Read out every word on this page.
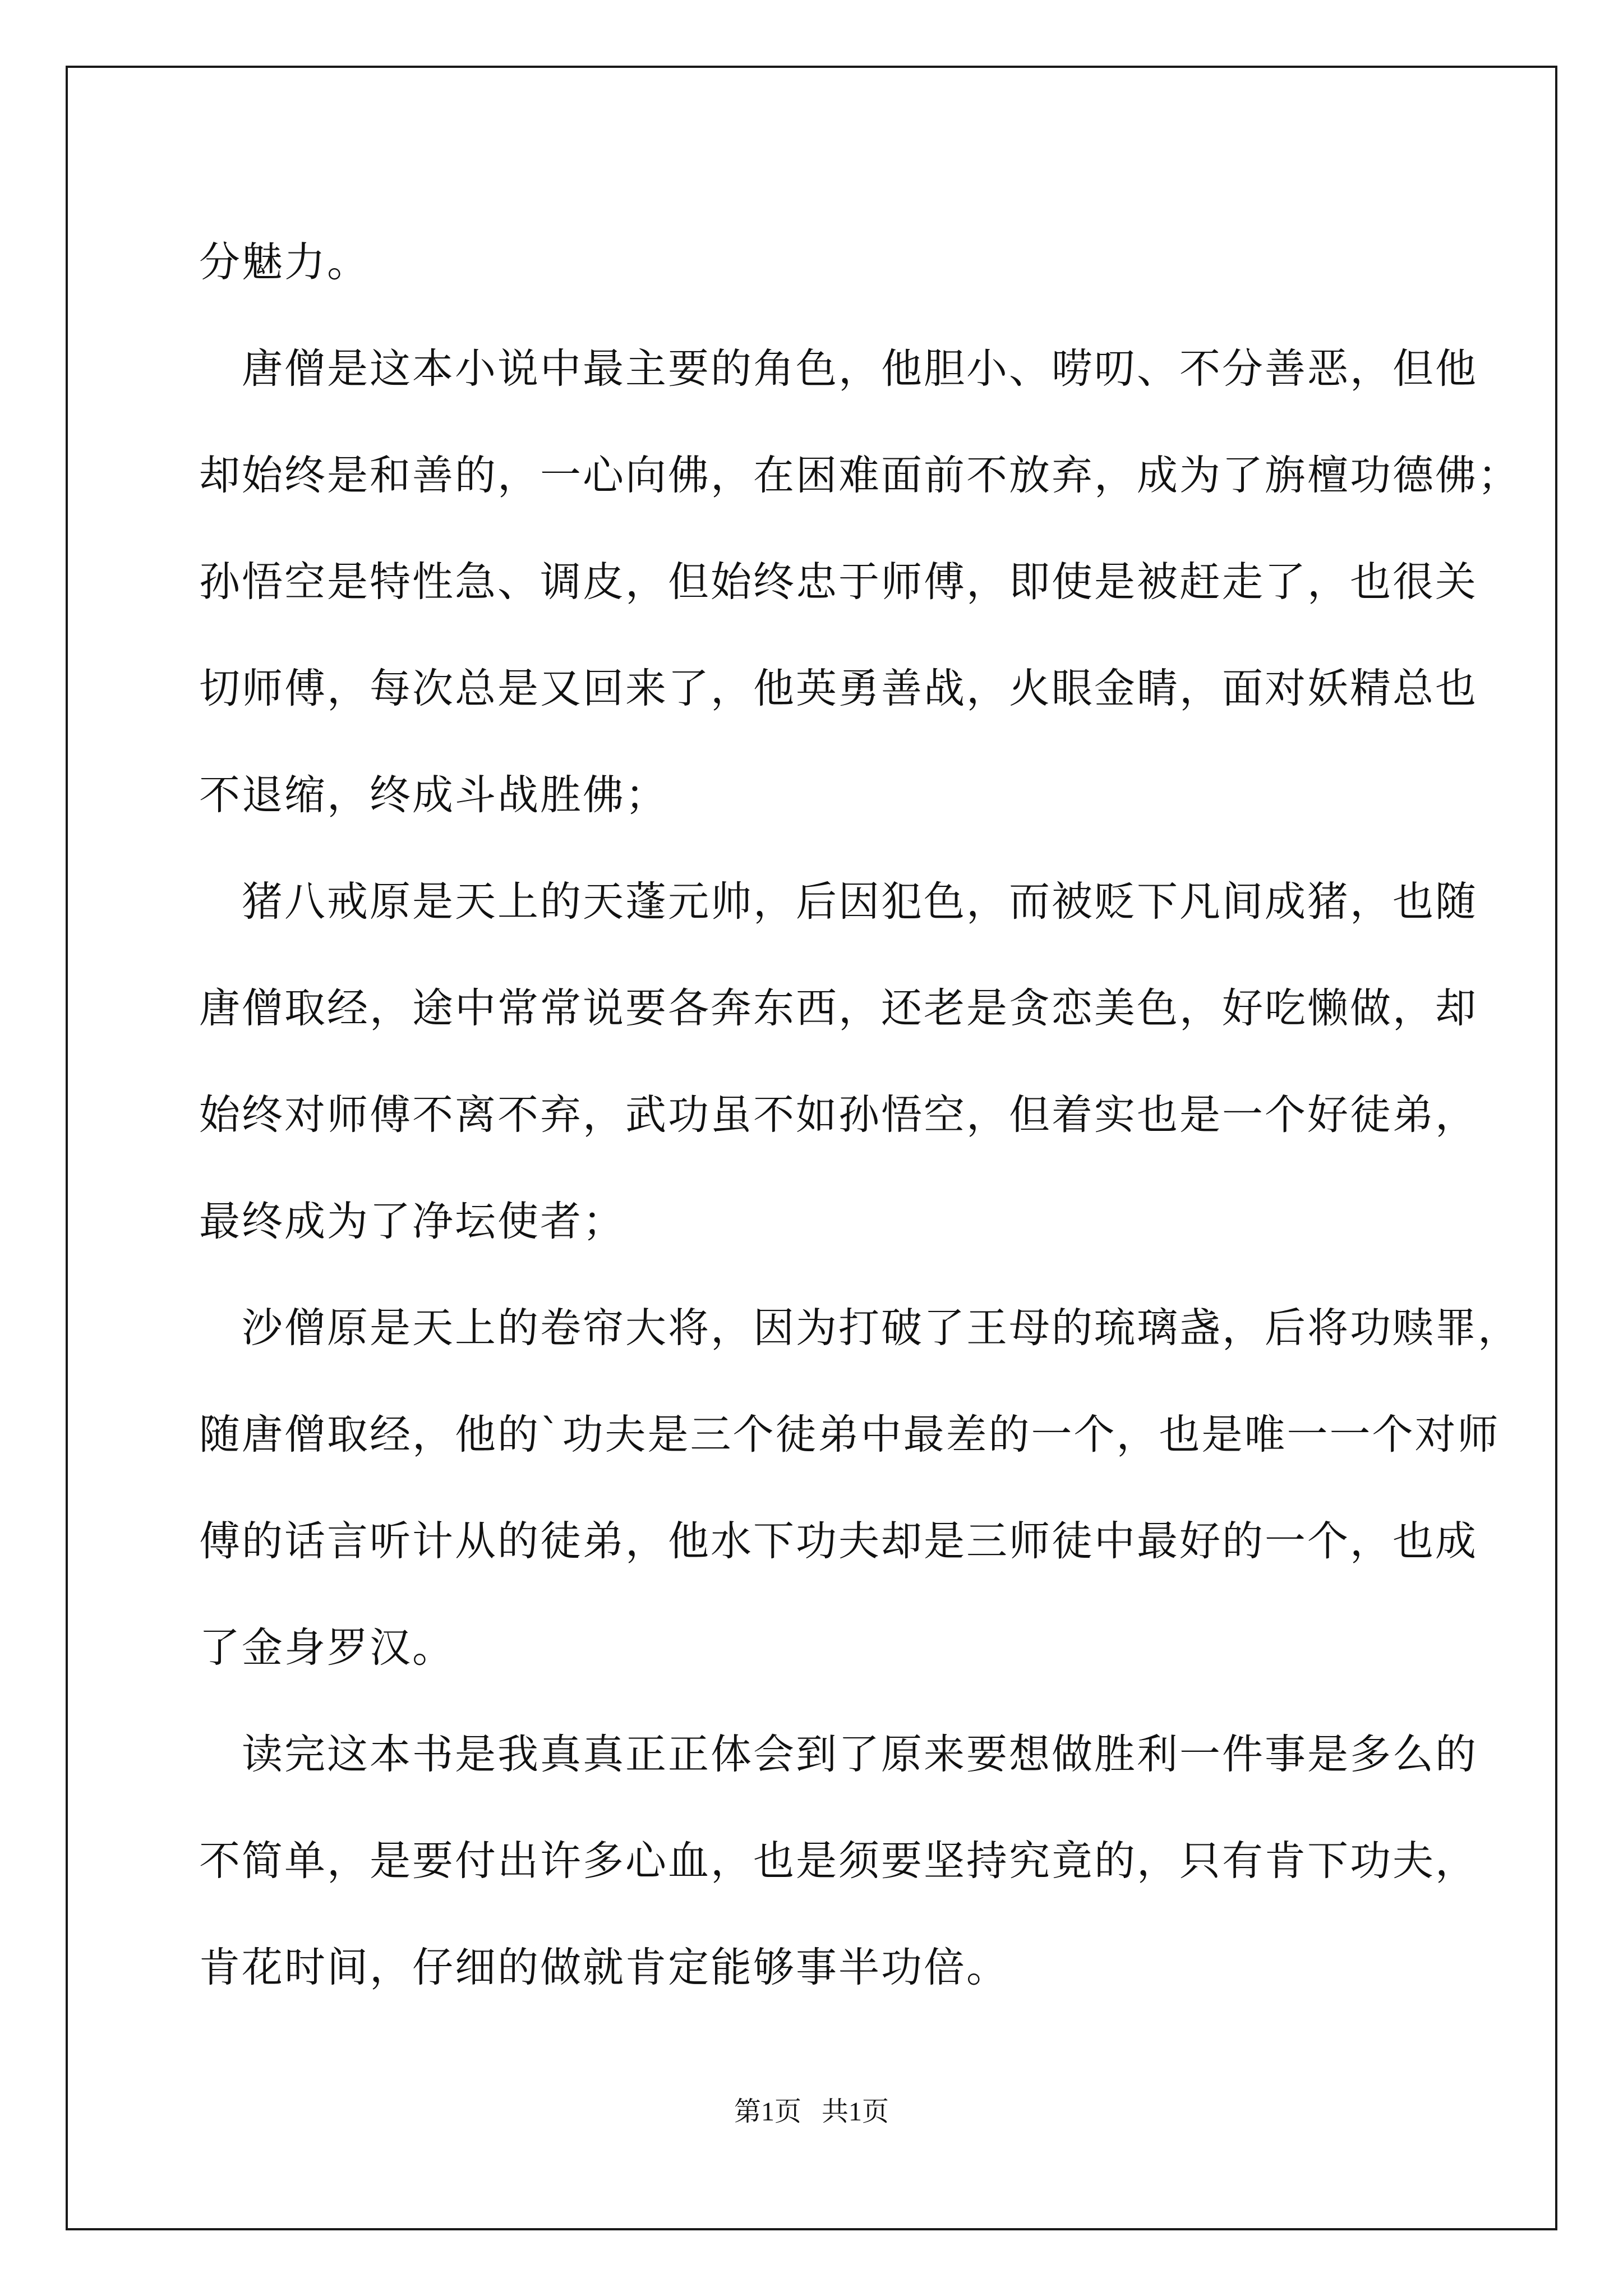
分魅力。
　唐僧是这本小说中最主要的角色，他胆小、唠叨、不分善恶，但他
却始终是和善的，一心向佛，在困难面前不放弃，成为了旃檀功德佛；
孙悟空是特性急、调皮，但始终忠于师傅，即使是被赶走了，也很关
切师傅，每次总是又回来了，他英勇善战，火眼金睛，面对妖精总也
不退缩，终成斗战胜佛；
　猪八戒原是天上的天蓬元帅，后因犯色，而被贬下凡间成猪，也随
唐僧取经，途中常常说要各奔东西，还老是贪恋美色，好吃懒做，却
始终对师傅不离不弃，武功虽不如孙悟空，但着实也是一个好徒弟，
最终成为了净坛使者；
　沙僧原是天上的卷帘大将，因为打破了王母的琉璃盏，后将功赎罪，
随唐僧取经，他的`功夫是三个徒弟中最差的一个，也是唯一一个对师
傅的话言听计从的徒弟，他水下功夫却是三师徒中最好的一个，也成
了金身罗汉。
　读完这本书是我真真正正体会到了原来要想做胜利一件事是多么的
不简单，是要付出许多心血，也是须要坚持究竟的，只有肯下功夫，
肯花时间，仔细的做就肯定能够事半功倍。
第1页 共1页
